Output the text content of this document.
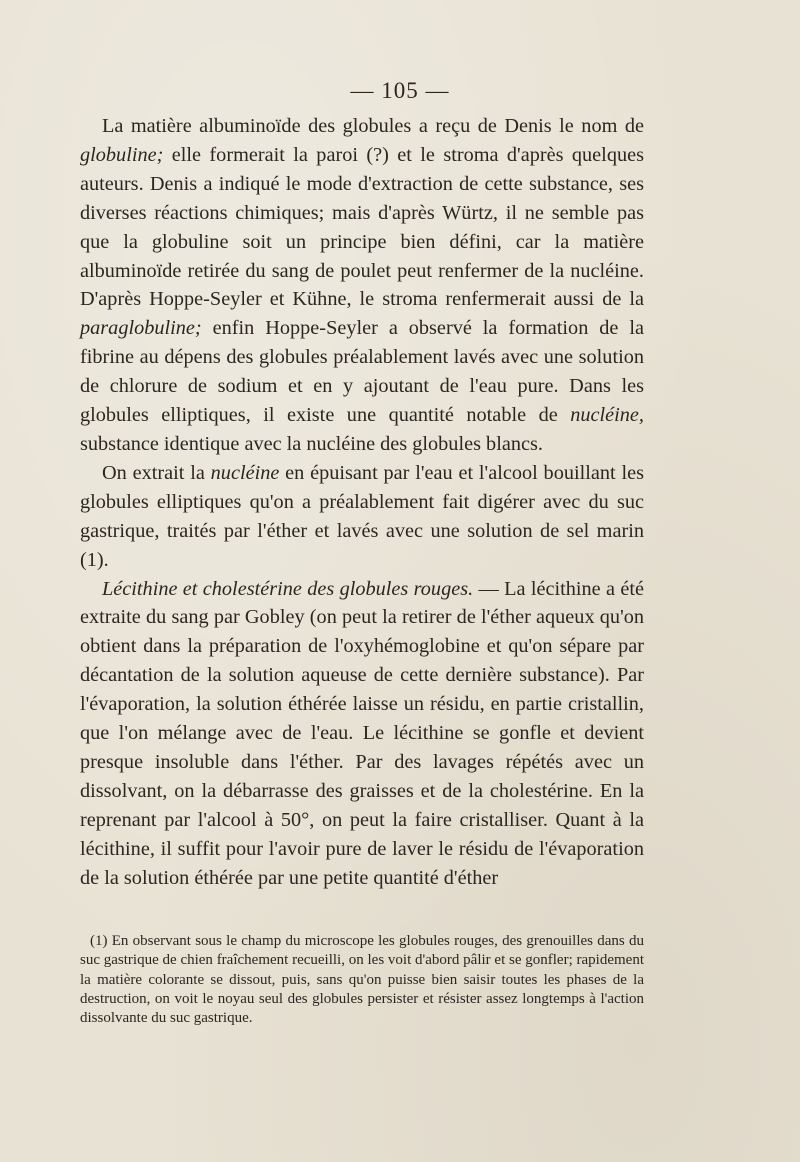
— 105 —

La matière albuminoïde des globules a reçu de Denis le nom de globuline; elle formerait la paroi (?) et le stroma d'après quelques auteurs. Denis a indiqué le mode d'extraction de cette substance, ses diverses réactions chimiques; mais d'après Würtz, il ne semble pas que la globuline soit un principe bien défini, car la matière albuminoïde retirée du sang de poulet peut renfermer de la nucléine. D'après Hoppe-Seyler et Kühne, le stroma renfermerait aussi de la paraglobuline; enfin Hoppe-Seyler a observé la formation de la fibrine au dépens des globules préalablement lavés avec une solution de chlorure de sodium et en y ajoutant de l'eau pure. Dans les globules elliptiques, il existe une quantité notable de nucléine, substance identique avec la nucléine des globules blancs.

On extrait la nucléine en épuisant par l'eau et l'alcool bouillant les globules elliptiques qu'on a préalablement fait digérer avec du suc gastrique, traités par l'éther et lavés avec une solution de sel marin (1).

Lécithine et cholestérine des globules rouges. — La lécithine a été extraite du sang par Gobley (on peut la retirer de l'éther aqueux qu'on obtient dans la préparation de l'oxyhémoglobine et qu'on sépare par décantation de la solution aqueuse de cette dernière substance). Par l'évaporation, la solution éthérée laisse un résidu, en partie cristallin, que l'on mélange avec de l'eau. Le lécithine se gonfle et devient presque insoluble dans l'éther. Par des lavages répétés avec un dissolvant, on la débarrasse des graisses et de la cholestérine. En la reprenant par l'alcool à 50°, on peut la faire cristalliser. Quant à la lécithine, il suffit pour l'avoir pure de laver le résidu de l'évaporation de la solution éthérée par une petite quantité d'éther

(1) En observant sous le champ du microscope les globules rouges, des grenouilles dans du suc gastrique de chien fraîchement recueilli, on les voit d'abord pâlir et se gonfler; rapidement la matière colorante se dissout, puis, sans qu'on puisse bien saisir toutes les phases de la destruction, on voit le noyau seul des globules persister et résister assez longtemps à l'action dissolvante du suc gastrique.
